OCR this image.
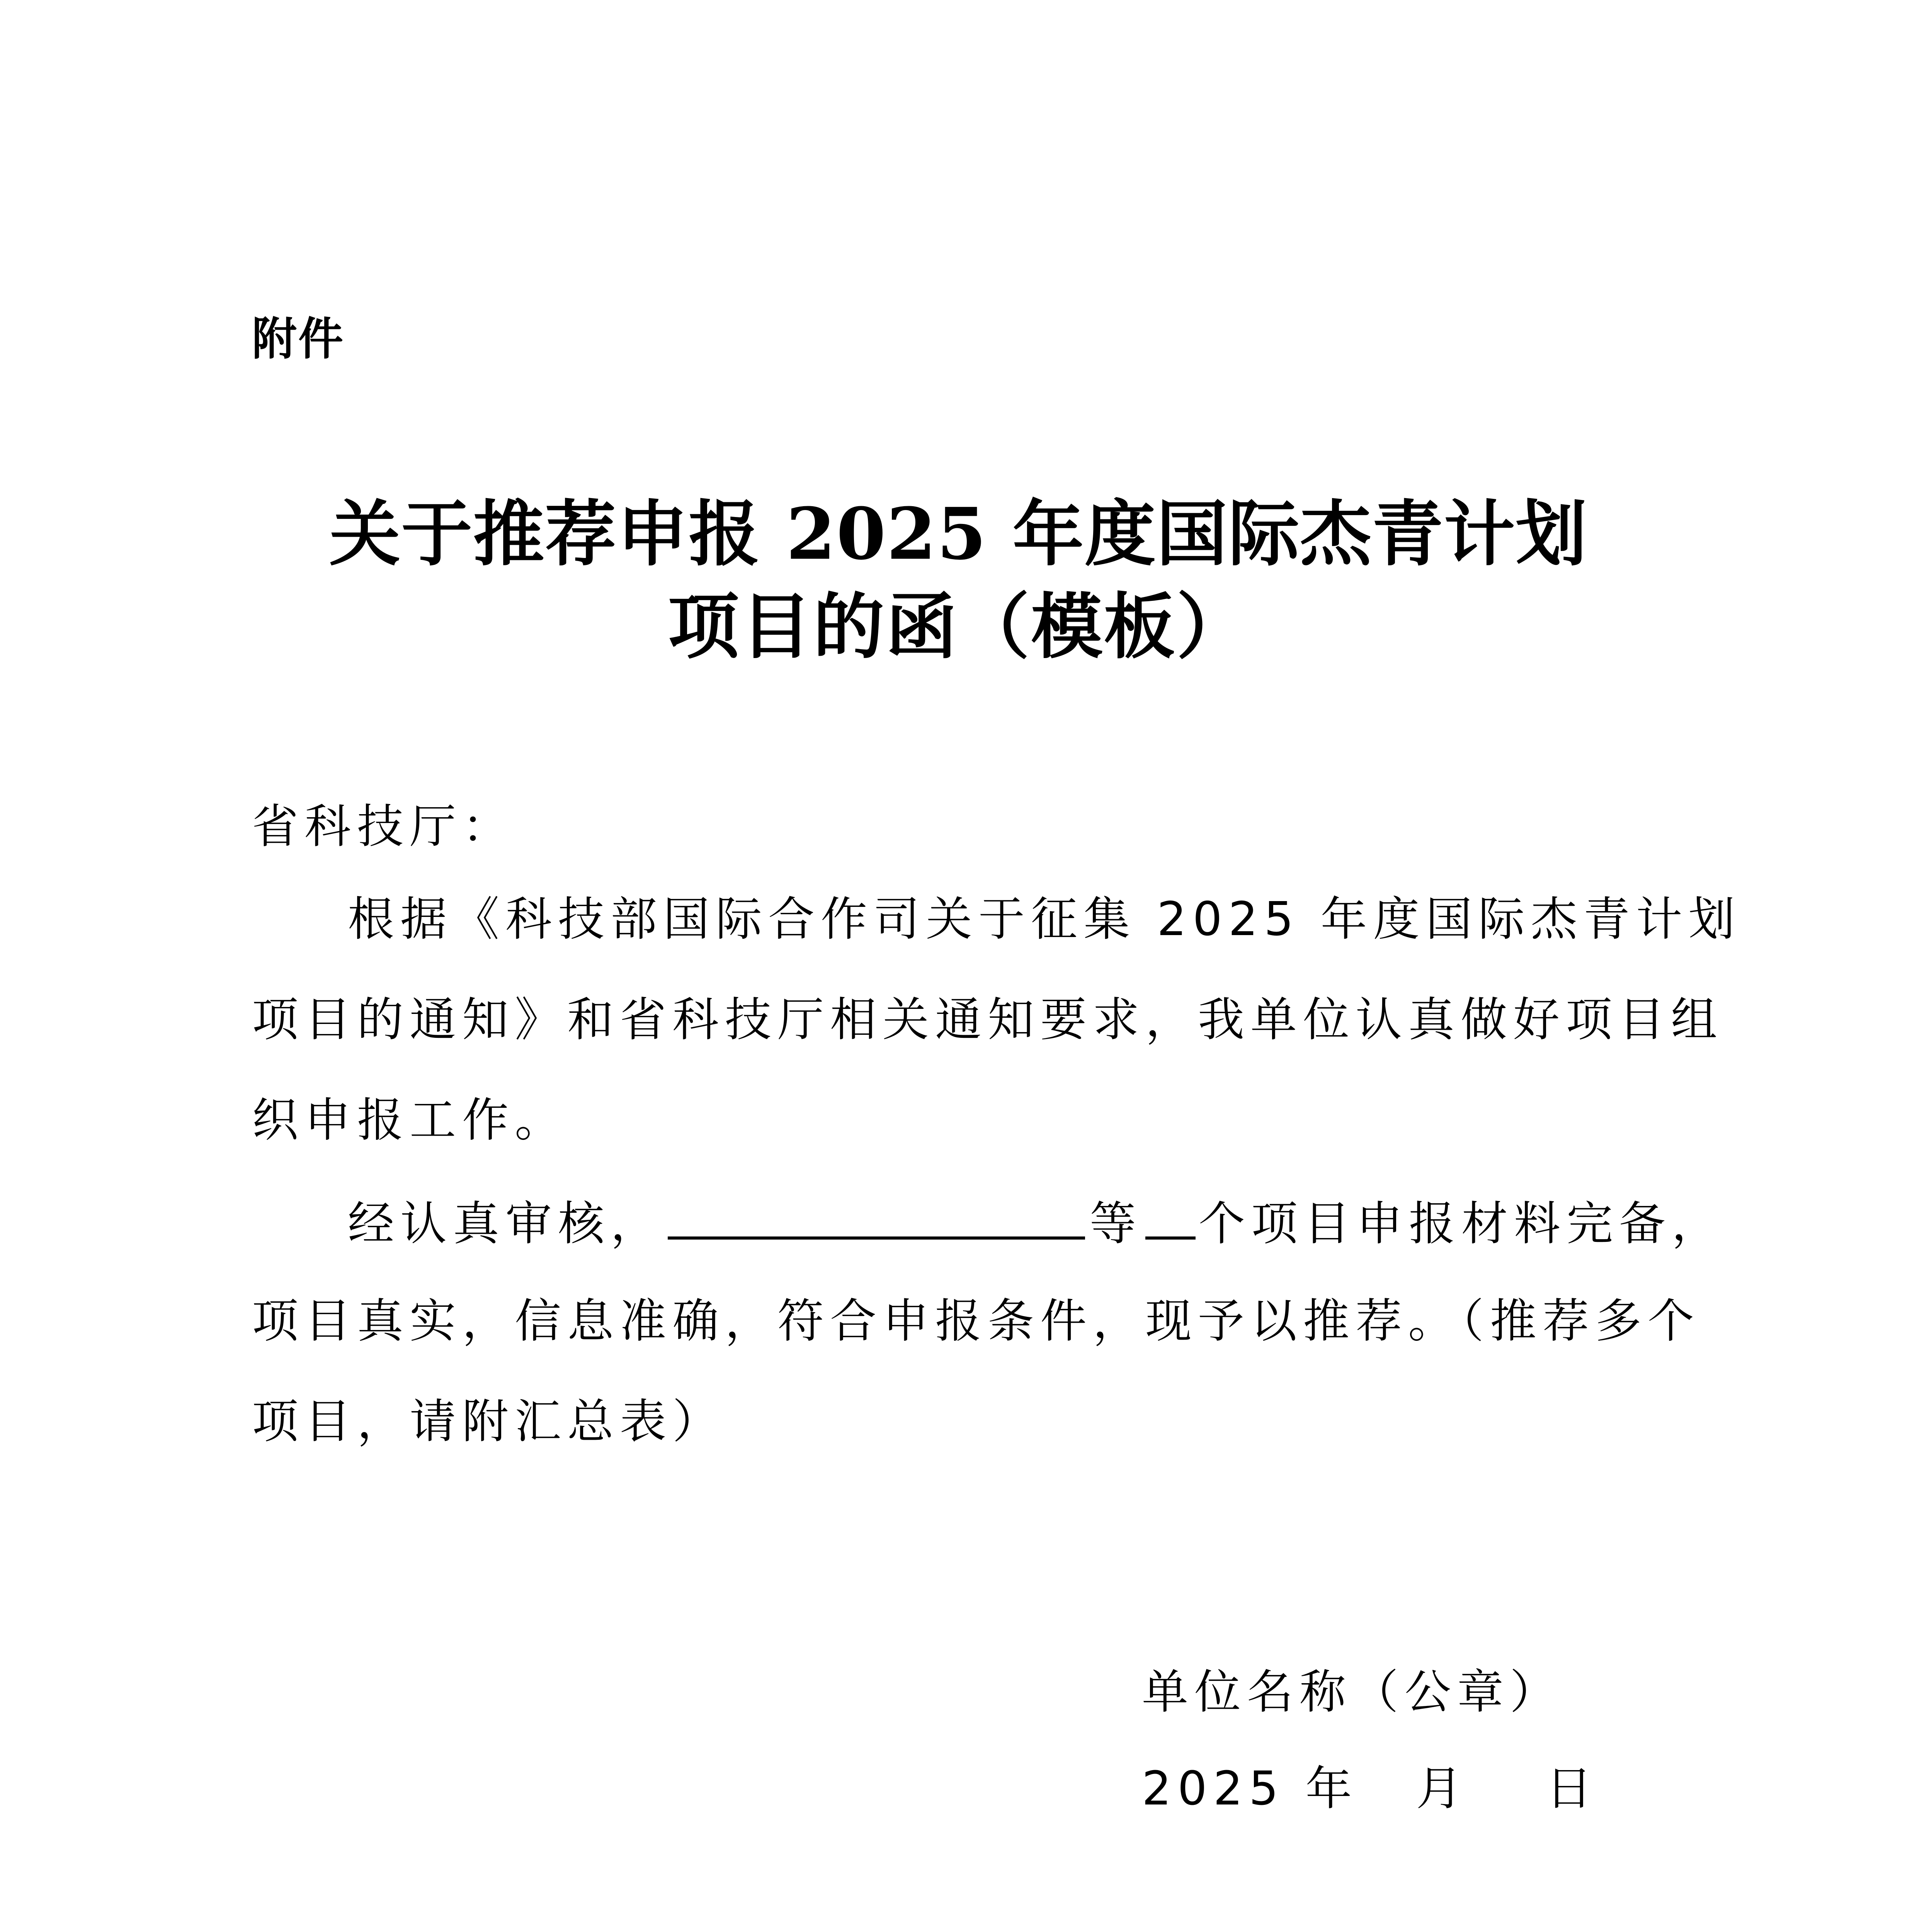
附件
关于推荐申报 2025 年度国际杰青计划
项目的函（模板）
省科技厅：
根据《科技部国际合作司关于征集 2025 年度国际杰青计划
项目的通知》和省科技厅相关通知要求，我单位认真做好项目组
织申报工作。
经认真审核，	等 个项目申报材料完备，
项目真实，信息准确，符合申报条件，现予以推荐。（推荐多个
项目，请附汇总表）
单位名称（公章）
2025 年 月 日
